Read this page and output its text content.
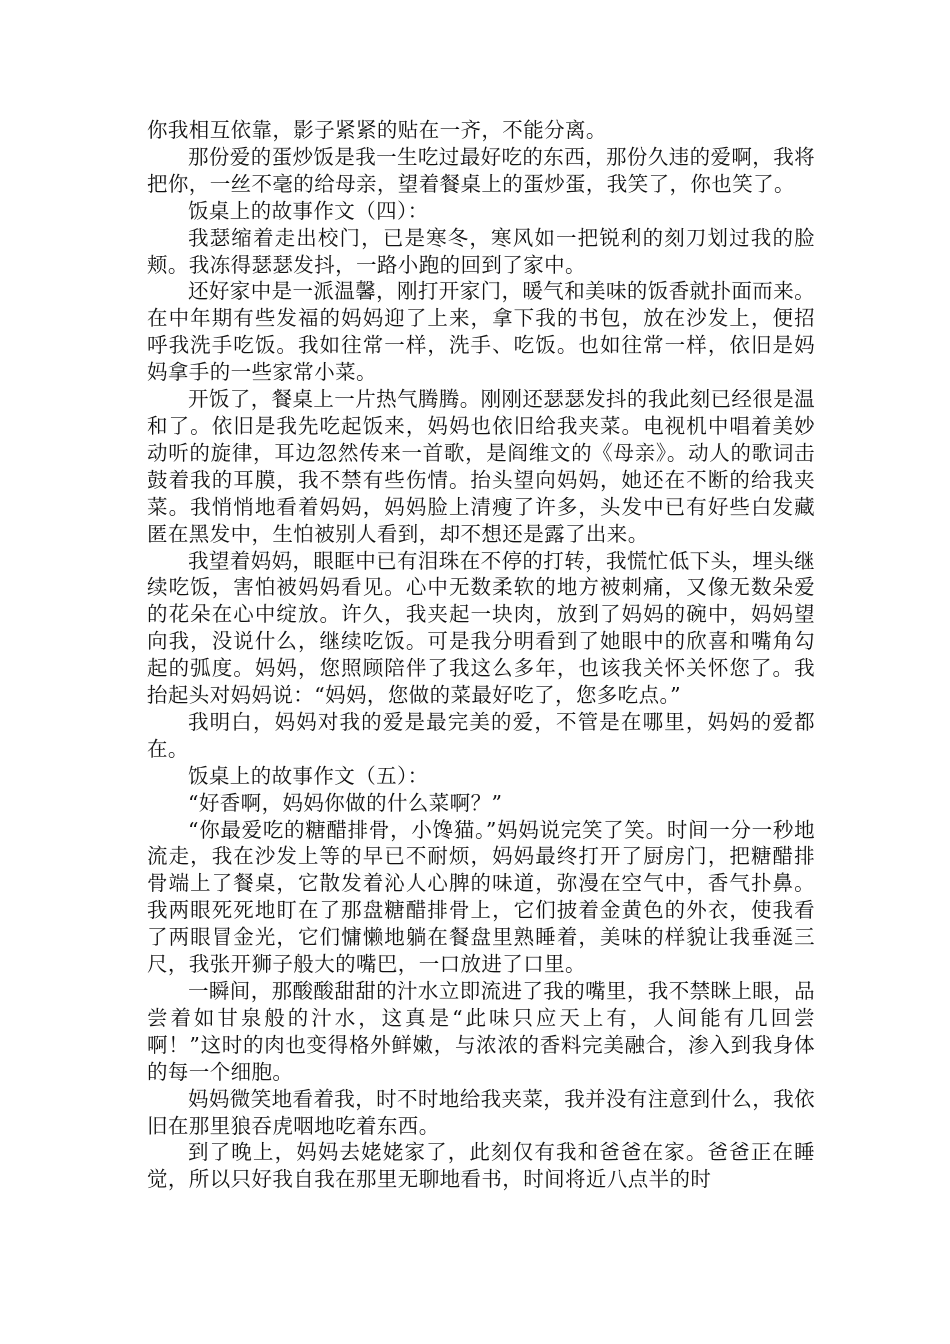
你我相互依靠，影子紧紧的贴在一齐，不能分离。

那份爱的蛋炒饭是我一生吃过最好吃的东西，那份久违的爱啊，我将把你，一丝不毫的给母亲，望着餐桌上的蛋炒蛋，我笑了，你也笑了。

饭桌上的故事作文（四）：

我瑟缩着走出校门，已是寒冬，寒风如一把锐利的刻刀划过我的脸颊。我冻得瑟瑟发抖，一路小跑的回到了家中。

还好家中是一派温馨，刚打开家门，暖气和美味的饭香就扑面而来。在中年期有些发福的妈妈迎了上来，拿下我的书包，放在沙发上，便招呼我洗手吃饭。我如往常一样，洗手、吃饭。也如往常一样，依旧是妈妈拿手的一些家常小菜。

开饭了，餐桌上一片热气腾腾。刚刚还瑟瑟发抖的我此刻已经很是温和了。依旧是我先吃起饭来，妈妈也依旧给我夹菜。电视机中唱着美妙动听的旋律，耳边忽然传来一首歌，是阎维文的《母亲》。动人的歌词击鼓着我的耳膜，我不禁有些伤情。抬头望向妈妈，她还在不断的给我夹菜。我悄悄地看着妈妈，妈妈脸上清瘦了许多，头发中已有好些白发藏匿在黑发中，生怕被别人看到，却不想还是露了出来。

我望着妈妈，眼眶中已有泪珠在不停的打转，我慌忙低下头，埋头继续吃饭，害怕被妈妈看见。心中无数柔软的地方被刺痛，又像无数朵爱的花朵在心中绽放。许久，我夹起一块肉，放到了妈妈的碗中，妈妈望向我，没说什么，继续吃饭。可是我分明看到了她眼中的欣喜和嘴角勾起的弧度。妈妈，您照顾陪伴了我这么多年，也该我关怀关怀您了。我抬起头对妈妈说：“妈妈，您做的菜最好吃了，您多吃点。”

我明白，妈妈对我的爱是最完美的爱，不管是在哪里，妈妈的爱都在。

饭桌上的故事作文（五）：

“好香啊，妈妈你做的什么菜啊？”

“你最爱吃的糖醋排骨，小馋猫。”妈妈说完笑了笑。时间一分一秒地流走，我在沙发上等的早已不耐烦，妈妈最终打开了厨房门，把糖醋排骨端上了餐桌，它散发着沁人心脾的味道，弥漫在空气中，香气扑鼻。我两眼死死地盯在了那盘糖醋排骨上，它们披着金黄色的外衣，使我看了两眼冒金光，它们慵懒地躺在餐盘里熟睡着，美味的样貌让我垂涎三尺，我张开狮子般大的嘴巴，一口放进了口里。

一瞬间，那酸酸甜甜的汁水立即流进了我的嘴里，我不禁眯上眼，品尝着如甘泉般的汁水，这真是“此味只应天上有，人间能有几回尝啊！”这时的肉也变得格外鲜嫩，与浓浓的香料完美融合，渗入到我身体的每一个细胞。

妈妈微笑地看着我，时不时地给我夹菜，我并没有注意到什么，我依旧在那里狼吞虎咽地吃着东西。

到了晚上，妈妈去姥姥家了，此刻仅有我和爸爸在家。爸爸正在睡觉，所以只好我自我在那里无聊地看书，时间将近八点半的时
